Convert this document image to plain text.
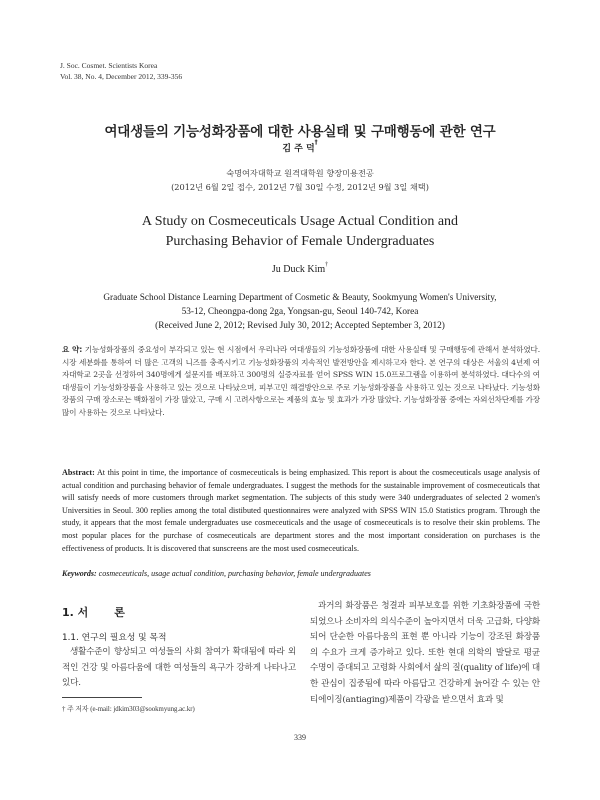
J. Soc. Cosmet. Scientists Korea
Vol. 38, No. 4, December 2012, 339-356
여대생들의 기능성화장품에 대한 사용실태 및 구매행동에 관한 연구
김 주 덕†
숙명여자대학교 원격대학원 향장미용전공
(2012년 6월 2일 접수, 2012년 7월 30일 수정, 2012년 9월 3일 채택)
A Study on Cosmeceuticals Usage Actual Condition and
Purchasing Behavior of Female Undergraduates
Ju Duck Kim†
Graduate School Distance Learning Department of Cosmetic & Beauty, Sookmyung Women's University,
53-12, Cheongpa-dong 2ga, Yongsan-gu, Seoul 140-742, Korea
(Received June 2, 2012; Revised July 30, 2012; Accepted September 3, 2012)
요 약: 기능성화장품의 중요성이 부각되고 있는 현 시점에서 우리나라 여대생들의 기능성화장품에 대한 사용실태 및 구매행동에 관해서 분석하였다. 시장 세분화를 통하여 더 많은 고객의 니즈를 충족시키고 기능성화장품의 지속적인 발전방안을 제시하고자 한다. 본 연구의 대상은 서울의 4년제 여자대학교 2곳을 선정하여 340명에게 설문지를 배포하고 300명의 실증자료를 얻어 SPSS WIN 15.0프로그램을 이용하여 분석하였다. 대다수의 여대생들이 기능성화장품을 사용하고 있는 것으로 나타났으며, 피부고민 해결방안으로 주로 기능성화장품을 사용하고 있는 것으로 나타났다. 기능성화장품의 구매 장소로는 백화점이 가장 많았고, 구매 시 고려사항으로는 제품의 효능 및 효과가 가장 많았다. 기능성화장품 중에는 자외선차단제를 가장 많이 사용하는 것으로 나타났다.
Abstract: At this point in time, the importance of cosmeceuticals is being emphasized. This report is about the cosmeceuticals usage analysis of actual condition and purchasing behavior of female undergraduates. I suggest the methods for the sustainable improvement of cosmeceuticals that will satisfy needs of more customers through market segmentation. The subjects of this study were 340 undergraduates of selected 2 women's Universities in Seoul. 300 replies among the total distibuted questionnaires were analyzed with SPSS WIN 15.0 Statistics program. Through the study, it appears that the most female undergraduates use cosmeceuticals and the usage of cosmeceuticals is to resolve their skin problems. The most popular places for the purchase of cosmeceuticals are department stores and the most important consideration on purchases is the effectiveness of products. It is discovered that sunscreens are the most used cosmeceuticals.
Keywords: cosmeceuticals, usage actual condition, purchasing behavior, female undergraduates
1. 서 론
1.1. 연구의 필요성 및 목적
생활수준이 향상되고 여성들의 사회 참여가 확대됨에 따라 외적인 건강 및 아름다움에 대한 여성들의 욕구가 강하게 나타나고 있다.
† 주 저자 (e-mail: jdkim303@sookmyung.ac.kr)
과거의 화장품은 청결과 피부보호를 위한 기초화장품에 국한되었으나 소비자의 의식수준이 높아지면서 더욱 고급화, 다양화되어 단순한 아름다움의 표현 뿐 아니라 기능이 강조된 화장품의 수요가 크게 증가하고 있다. 또한 현대 의학의 발달로 평균 수명이 증대되고 고령화 사회에서 삶의 질(quality of life)에 대한 관심이 집중됨에 따라 아름답고 건강하게 늙어갈 수 있는 안티에이징(antiaging)제품이 각광을 받으면서 효과 및
339
